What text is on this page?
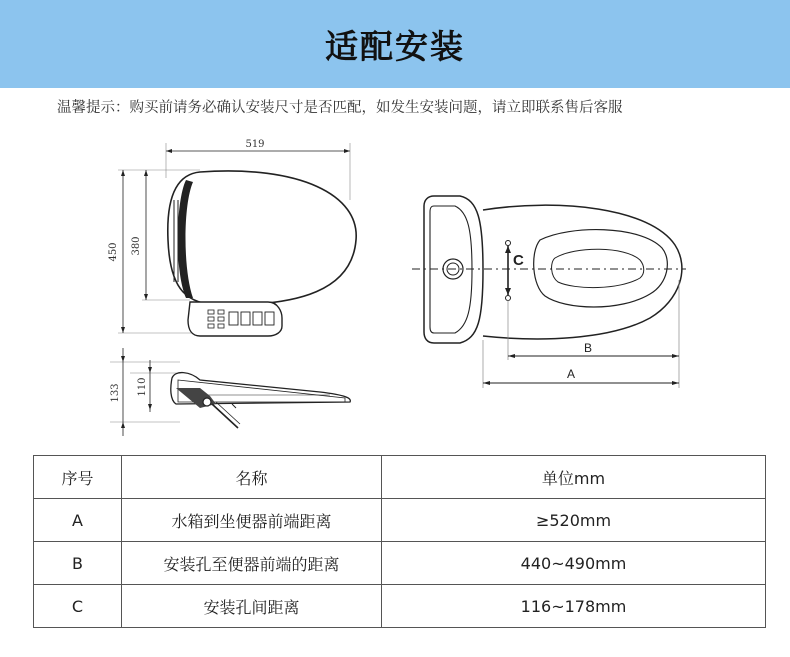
适配安装
温馨提示：购买前请务必确认安装尺寸是否匹配，如发生安装问题，请立即联系售后客服
519
450 380
133 110
C
B
A
序号	名称	单位mm
A	水箱到坐便器前端距离	≥520mm
B	安装孔至便器前端的距离	440~490mm
C	安装孔间距离	116~178mm
